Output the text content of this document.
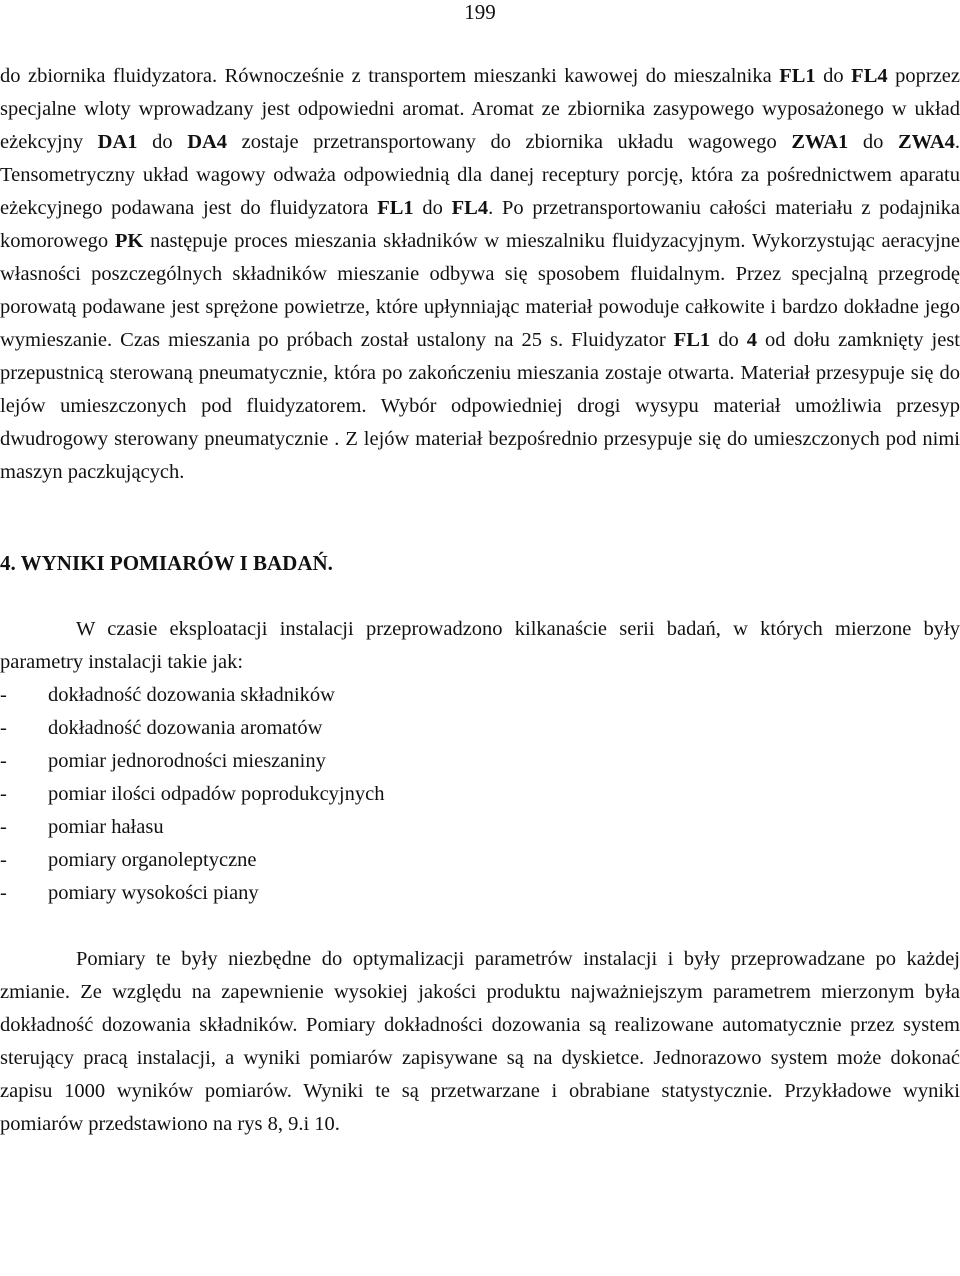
199

do zbiornika fluidyzatora. Równocześnie z transportem mieszanki kawowej do mieszalnika FL1 do FL4 poprzez specjalne wloty wprowadzany jest odpowiedni aromat. Aromat ze zbiornika zasypowego wyposażonego w układ eżekcyjny DA1 do DA4 zostaje przetransportowany do zbiornika układu wagowego ZWA1 do ZWA4. Tensometryczny układ wagowy odważa odpowiednią dla danej receptury porcję, która za pośrednictwem aparatu eżekcyjnego podawana jest do fluidyzatora FL1 do FL4. Po przetransportowaniu całości materiału z podajnika komorowego PK następuje proces mieszania składników w mieszalniku fluidyzacyjnym. Wykorzystując aeracyjne własności poszczególnych składników mieszanie odbywa się sposobem fluidalnym. Przez specjalną przegrodę porowatą podawane jest sprężone powietrze, które upłynniając materiał powoduje całkowite i bardzo dokładne jego wymieszanie. Czas mieszania po próbach został ustalony na 25 s. Fluidyzator FL1 do 4 od dołu zamknięty jest przepustnicą sterowaną pneumatycznie, która po zakończeniu mieszania zostaje otwarta. Materiał przesypuje się do lejów umieszczonych pod fluidyzatorem. Wybór odpowiedniej drogi wysypu materiał umożliwia przesyp dwudrogowy sterowany pneumatycznie . Z lejów materiał bezpośrednio przesypuje się do umieszczonych pod nimi maszyn paczkujących.

4. WYNIKI POMIARÓW I BADAŃ.

W czasie eksploatacji instalacji przeprowadzono kilkanaście serii badań, w których mierzone były parametry instalacji takie jak:

- dokładność dozowania składników
- dokładność dozowania aromatów
- pomiar jednorodności mieszaniny
- pomiar ilości odpadów poprodukcyjnych
- pomiar hałasu
- pomiary organoleptyczne
- pomiary wysokości piany

Pomiary te były niezbędne do optymalizacji parametrów instalacji i były przeprowadzane po każdej zmianie. Ze względu na zapewnienie wysokiej jakości produktu najważniejszym parametrem mierzonym była dokładność dozowania składników. Pomiary dokładności dozowania są realizowane automatycznie przez system sterujący pracą instalacji, a wyniki pomiarów zapisywane są na dyskietce. Jednorazowo system może dokonać zapisu 1000 wyników pomiarów. Wyniki te są przetwarzane i obrabiane statystycznie. Przykładowe wyniki pomiarów przedstawiono na rys 8, 9.i 10.
